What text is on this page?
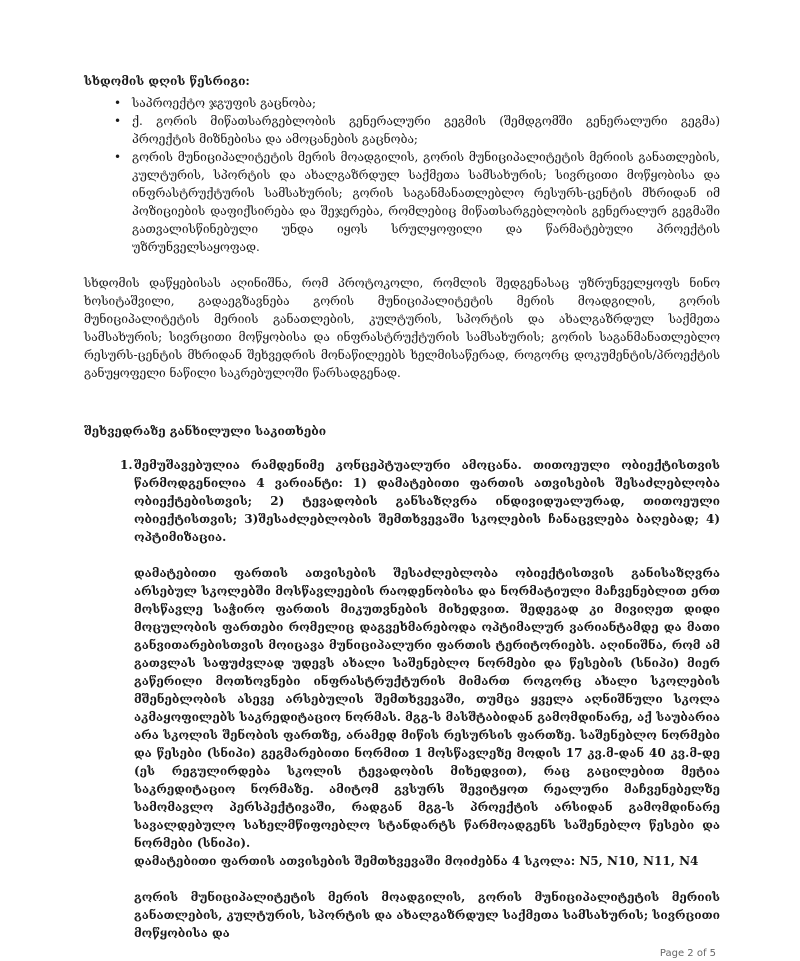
სხდომის დღის წესრიგი:
• საპროექტო ჯგუფის გაცნობა;
• ქ. გორის მიწათსარგებლობის გენერალური გეგმის (შემდგომში გენერალური გეგმა) პროექტის მიზნებისა და ამოცანების გაცნობა;
• გორის მუნიციპალიტეტის მერის მოადგილის, გორის მუნიციპალიტეტის მერიის განათლების, კულტურის, სპორტის და ახალგაზრდულ საქმეთა სამსახურის; სივრცითი მოწყობისა და ინფრასტრუქტურის სამსახურის; გორის საგანმანათლებლო რესურს-ცენტის მხრიდან იმ პოზიციების დაფიქსირება და შეჯერება, რომლებიც მიწათსარგებლობის გენერალურ გეგმაში გათვალისწინებული უნდა იყოს სრულყოფილი და წარმატებული პროექტის უზრუნველსაყოფად.

სხდომის დაწყებისას აღინიშნა, რომ პროტოკოლი, რომლის შედგენასაც უზრუნველყოფს ნინო ხოსიტაშვილი, გადაეგზავნება გორის მუნიციპალიტეტის მერის მოადგილის, გორის მუნიციპალიტეტის მერიის განათლების, კულტურის, სპორტის და ახალგაზრდულ საქმეთა სამსახურის; სივრცითი მოწყობისა და ინფრასტრუქტურის სამსახურის; გორის საგანმანათლებლო რესურს-ცენტის მხრიდან შეხვედრის მონაწილეებს ხელმისაწერად, როგორც დოკუმენტის/პროექტის განუყოფელი ნაწილი საკრებულოში წარსადგენად.

შეხვედრაზე განხილული საკითხები
1. შემუშავებულია რამდენიმე კონცეპტუალური ამოცანა. თითოეული ობიექტისთვის წარმოდგენილია 4 ვარიანტი: 1) დამატებითი ფართის ათვისების შესაძლებლობა ობიექტებისთვის; 2) ტევადობის განსაზღვრა ინდივიდუალურად, თითოეული ობიექტისთვის; 3)შესაძლებლობის შემთხვევაში სკოლების ჩანაცვლება ბაღებად; 4) ოპტიმიზაცია.

დამატებითი ფართის ათვისების შესაძლებლობა ობიექტისთვის განისაზღვრა არსებულ სკოლებში მოსწავლეების რაოდენობისა და ნორმატიული მაჩვენებლით ერთ მოსწავლე საჭირო ფართის მიკუთვნების მიხედვით. შედეგად კი მივიღეთ დიდი მოცულობის ფართები რომელიც დაგვეხმარებოდა ოპტიმალურ ვარიანტამდე და მათი განვითარებისთვის მოიცავა მუნიციპალური ფართის ტერიტორიებს. აღინიშნა, რომ ამ გათვლას საფუძვლად უდევს ახალი საშენებლო ნორმები და წესების (სნიპი) მიერ გაწერილი მოთხოვნები ინფრასტრუქტურის მიმართ როგორც ახალი სკოლების მშენებლობის ასევე არსებულის შემთხვევაში, თუმცა ყველა აღნიშნული სკოლა აკმაყოფილებს საკრედიტაციო ნორმას. მგგ-ს მასშტაბიდან გამომდინარე, აქ საუბარია არა სკოლის შენობის ფართზე, არამედ მიწის რესურსის ფართზე. საშენებლო ნორმები და წესები (სნიპი) გეგმარებითი ნორმით 1 მოსწავლეზე მოდის 17 კვ.მ-დან 40 კვ.მ-დე (ეს რეგულირდება სკოლის ტევადობის მიხედვით), რაც გაცილებით მეტია საკრედიტაციო ნორმაზე. ამიტომ გვსურს შევიტყოთ რეალური მაჩვენებელზე სამომავლო პერსპექტივაში, რადგან მგგ-ს პროექტის არსიდან გამომდინარე სავალდებულო სახელმწიფოებლო სტანდარტს წარმოადგენს საშენებლო წესები და ნორმები (სნიპი).

დამატებითი ფართის ათვისების შემთხვევაში მოიძებნა 4 სკოლა: N5, N10, N11, N4

გორის მუნიციპალიტეტის მერის მოადგილის, გორის მუნიციპალიტეტის მერიის განათლების, კულტურის, სპორტის და ახალგაზრდულ საქმეთა სამსახურის; სივრცითი მოწყობისა და

Page 2 of 5
